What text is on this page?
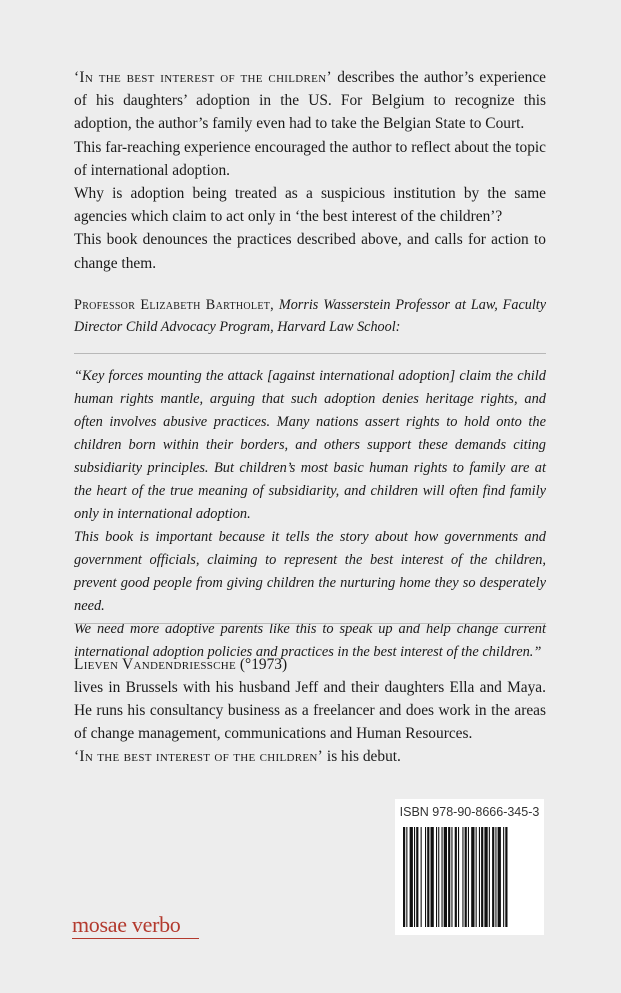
‘In the best interest of the children’ describes the author’s experience of his daughters’ adoption in the US. For Belgium to recognize this adoption, the author’s family even had to take the Belgian State to Court.

This far-reaching experience encouraged the author to reflect about the topic of international adoption.

Why is adoption being treated as a suspicious institution by the same agencies which claim to act only in ‘the best interest of the children’?

This book denounces the practices described above, and calls for action to change them.

Professor Elizabeth Bartholet, Morris Wasserstein Professor at Law, Faculty Director Child Advocacy Program, Harvard Law School:

“Key forces mounting the attack [against international adoption] claim the child human rights mantle, arguing that such adoption denies heritage rights, and often involves abusive practices. Many nations assert rights to hold onto the children born within their borders, and others support these demands citing subsidiarity principles. But children’s most basic human rights to family are at the heart of the true meaning of subsidiarity, and children will often find family only in international adoption.

This book is important because it tells the story about how governments and government officials, claiming to represent the best interest of the children, prevent good people from giving children the nurturing home they so desperately need.

We need more adoptive parents like this to speak up and help change current international adoption policies and practices in the best interest of the children.”

Lieven Vandendriessche (°1973)

lives in Brussels with his husband Jeff and their daughters Ella and Maya. He runs his consultancy business as a freelancer and does work in the areas of change management, communications and Human Resources.

‘In the best interest of the children’ is his debut.

ISBN 978-90-8666-345-3
mosae verbo
